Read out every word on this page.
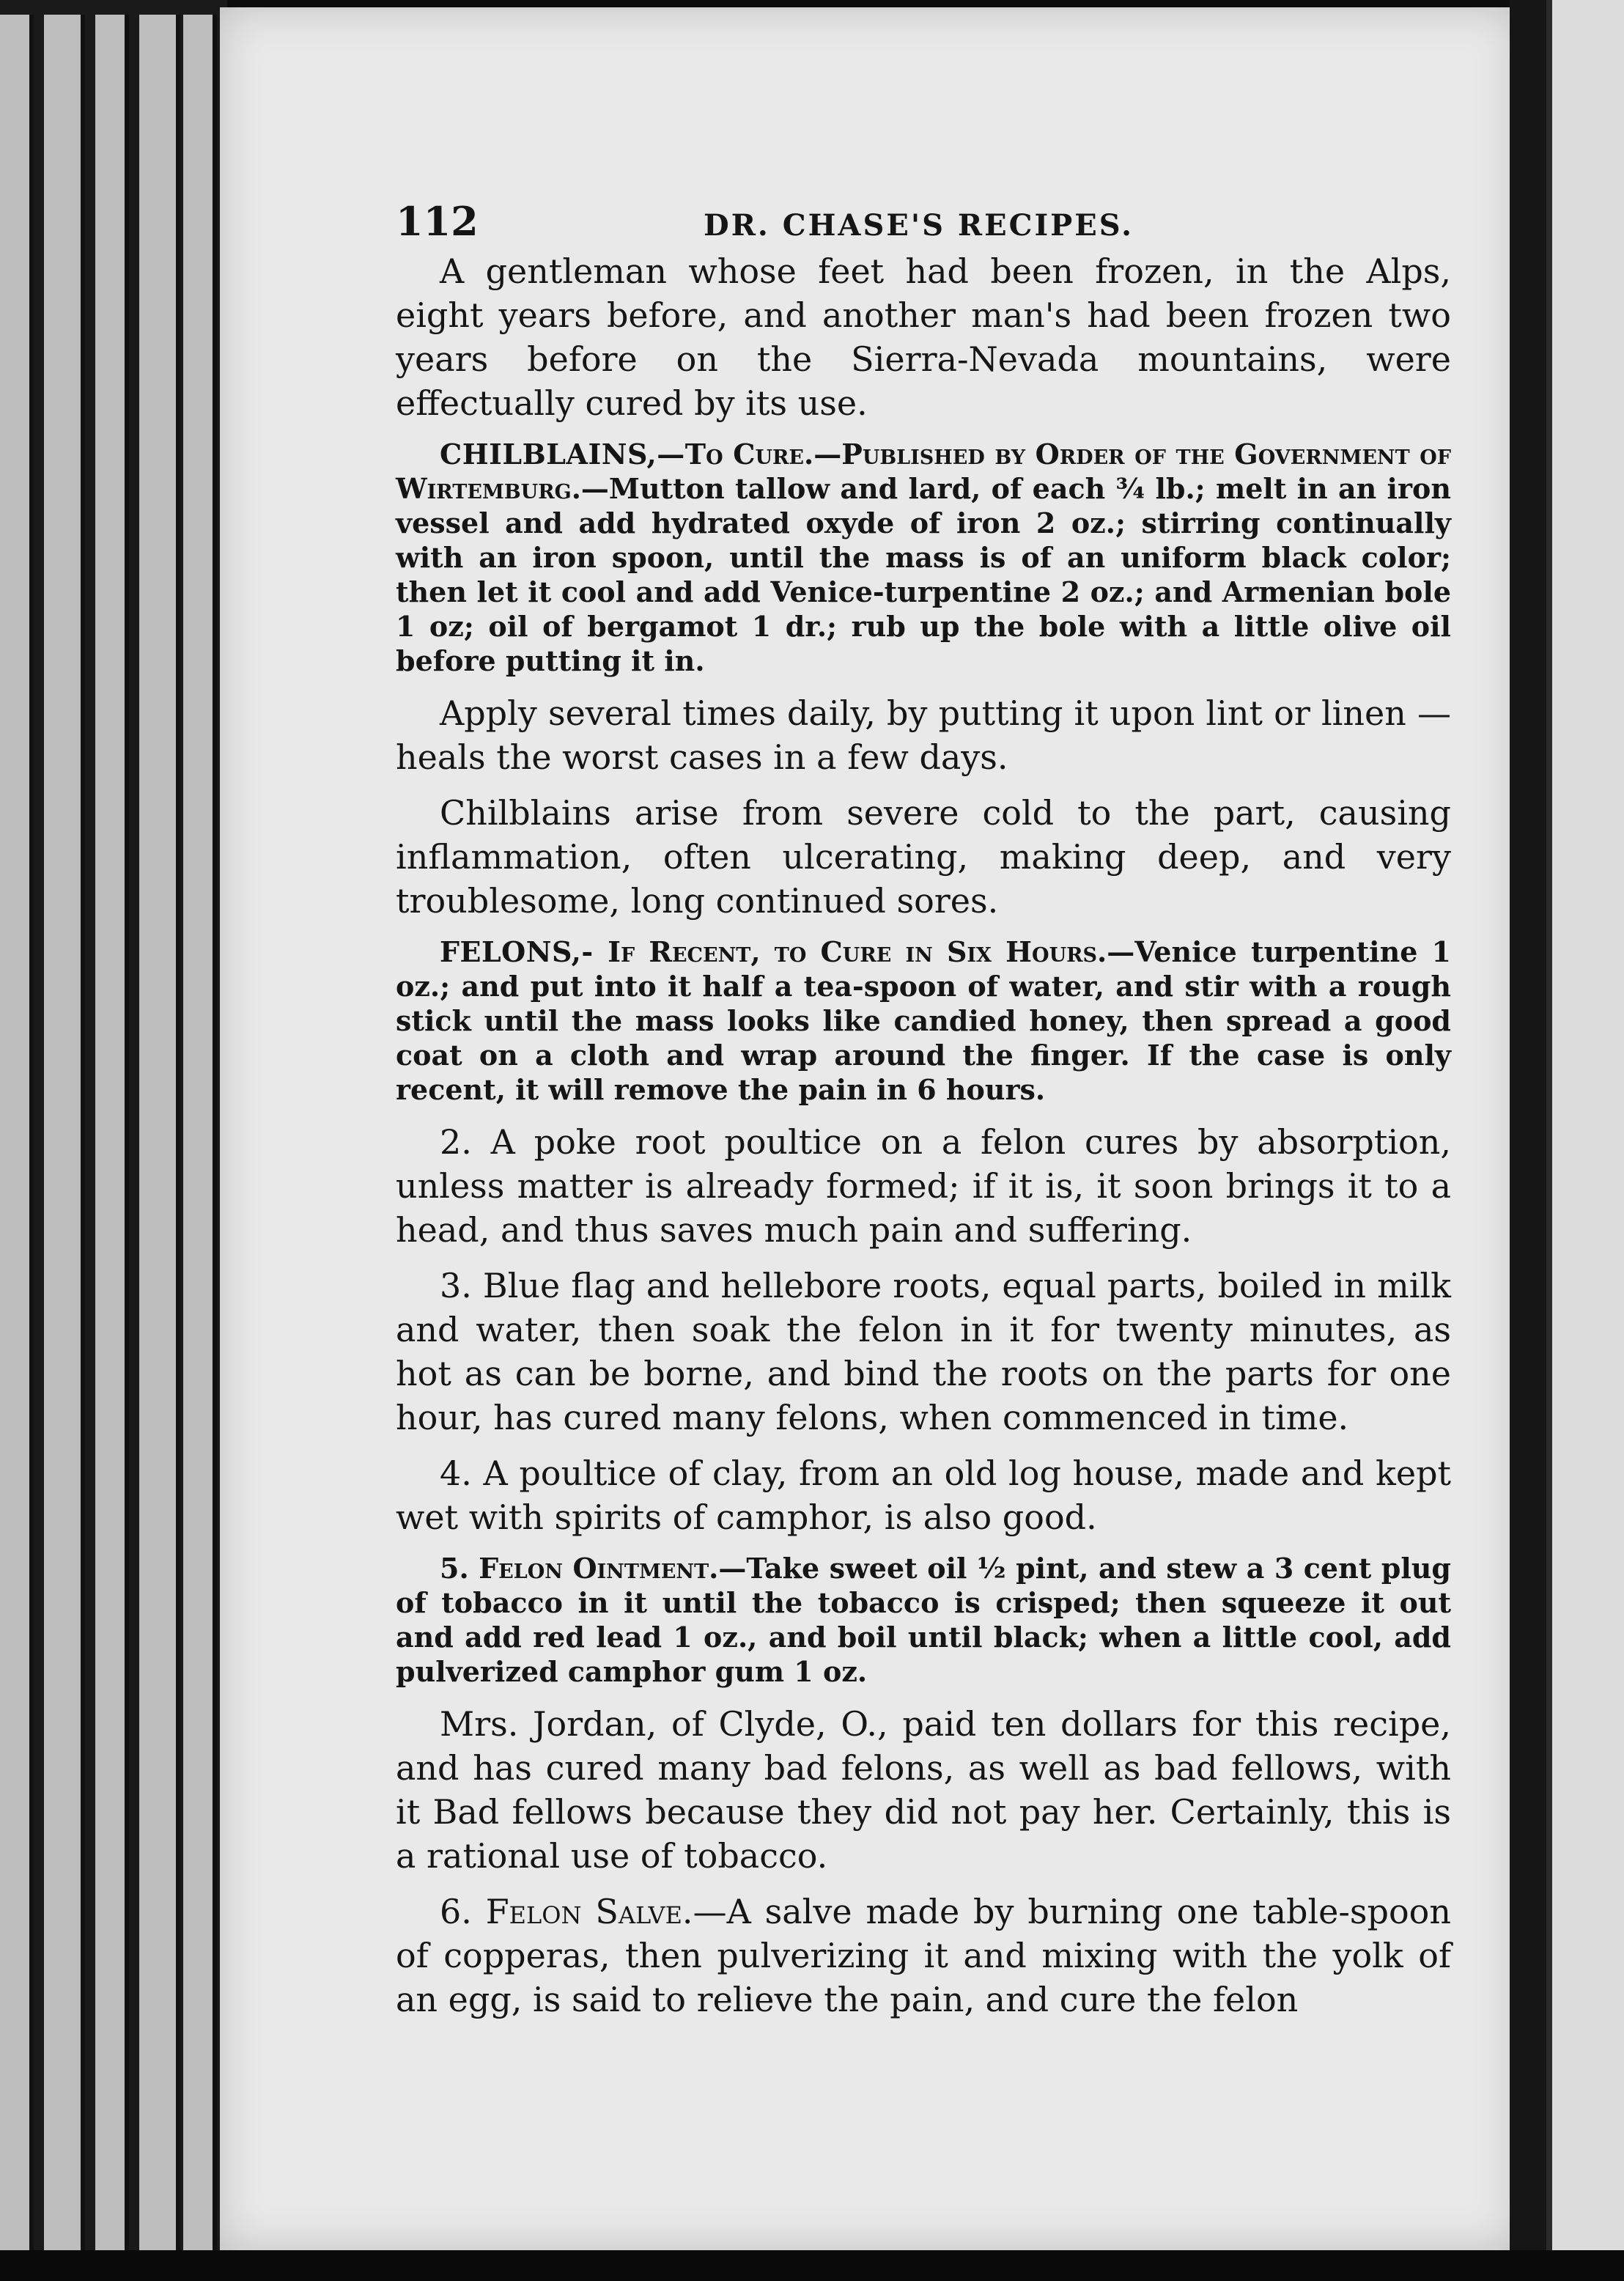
112	DR. CHASE'S RECIPES.

A gentleman whose feet had been frozen, in the Alps, eight years before, and another man's had been frozen two years before on the Sierra-Nevada mountains, were effectually cured by its use.

CHILBLAINS,—To Cure.—Published by Order of the Government of Wirtemburg.—Mutton tallow and lard, of each ¾ lb.; melt in an iron vessel and add hydrated oxyde of iron 2 oz.; stirring continually with an iron spoon, until the mass is of an uniform black color; then let it cool and add Venice-turpentine 2 oz.; and Armenian bole 1 oz; oil of bergamot 1 dr.; rub up the bole with a little olive oil before putting it in.

Apply several times daily, by putting it upon lint or linen —heals the worst cases in a few days.

Chilblains arise from severe cold to the part, causing inflammation, often ulcerating, making deep, and very troublesome, long continued sores.

FELONS,- If Recent, to Cure in Six Hours.—Venice turpentine 1 oz.; and put into it half a tea-spoon of water, and stir with a rough stick until the mass looks like candied honey, then spread a good coat on a cloth and wrap around the finger. If the case is only recent, it will remove the pain in 6 hours.

2. A poke root poultice on a felon cures by absorption, unless matter is already formed; if it is, it soon brings it to a head, and thus saves much pain and suffering.

3. Blue flag and hellebore roots, equal parts, boiled in milk and water, then soak the felon in it for twenty minutes, as hot as can be borne, and bind the roots on the parts for one hour, has cured many felons, when commenced in time.

4. A poultice of clay, from an old log house, made and kept wet with spirits of camphor, is also good.

5. Felon Ointment.—Take sweet oil ½ pint, and stew a 3 cent plug of tobacco in it until the tobacco is crisped; then squeeze it out and add red lead 1 oz., and boil until black; when a little cool, add pulverized camphor gum 1 oz.

Mrs. Jordan, of Clyde, O., paid ten dollars for this recipe, and has cured many bad felons, as well as bad fellows, with it Bad fellows because they did not pay her. Certainly, this is a rational use of tobacco.

6. Felon Salve.—A salve made by burning one table-spoon of copperas, then pulverizing it and mixing with the yolk of an egg, is said to relieve the pain, and cure the felon
